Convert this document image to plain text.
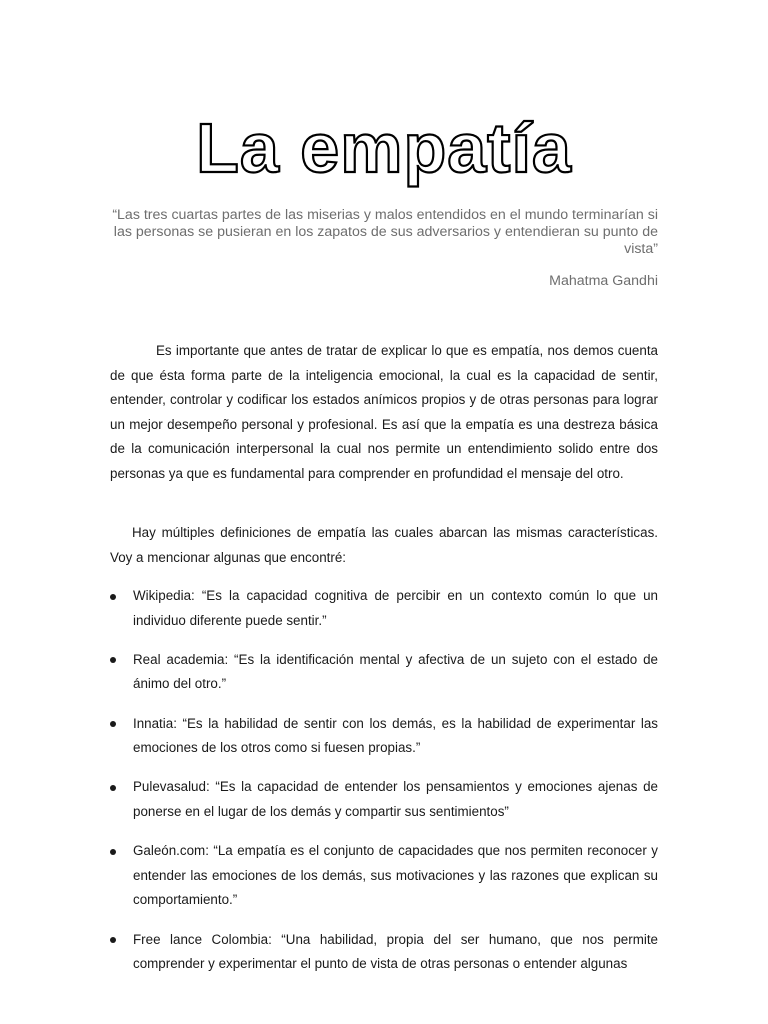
La empatía
“Las tres cuartas partes de las miserias y malos entendidos en el mundo terminarían si las personas se pusieran en los zapatos de sus adversarios y entendieran su punto de vista”
Mahatma Gandhi
Es importante que antes de tratar de explicar lo que es empatía, nos demos cuenta de que ésta forma parte de la inteligencia emocional, la cual es la capacidad de sentir, entender, controlar y codificar los estados anímicos propios y de otras personas para lograr un mejor desempeño personal y profesional. Es así que la empatía es una destreza básica de la comunicación interpersonal la cual nos permite un entendimiento solido entre dos personas ya que es fundamental para comprender en profundidad el mensaje del otro.
Hay múltiples definiciones de empatía las cuales abarcan las mismas características. Voy a mencionar algunas que encontré:
Wikipedia: “Es la capacidad cognitiva de percibir en un contexto común lo que un individuo diferente puede sentir.”
Real academia: “Es la identificación mental y afectiva de un sujeto con el estado de ánimo del otro.”
Innatia: “Es la habilidad de sentir con los demás, es la habilidad de experimentar las emociones de los otros como si fuesen propias.”
Pulevasalud: “Es la capacidad de entender los pensamientos y emociones ajenas de ponerse en el lugar de los demás y compartir sus sentimientos”
Galeón.com: “La empatía es el conjunto de capacidades que nos permiten reconocer y entender las emociones de los demás, sus motivaciones y las razones que explican su comportamiento.”
Free lance Colombia: “Una habilidad, propia del ser humano, que nos permite comprender y experimentar el punto de vista de otras personas o entender algunas
